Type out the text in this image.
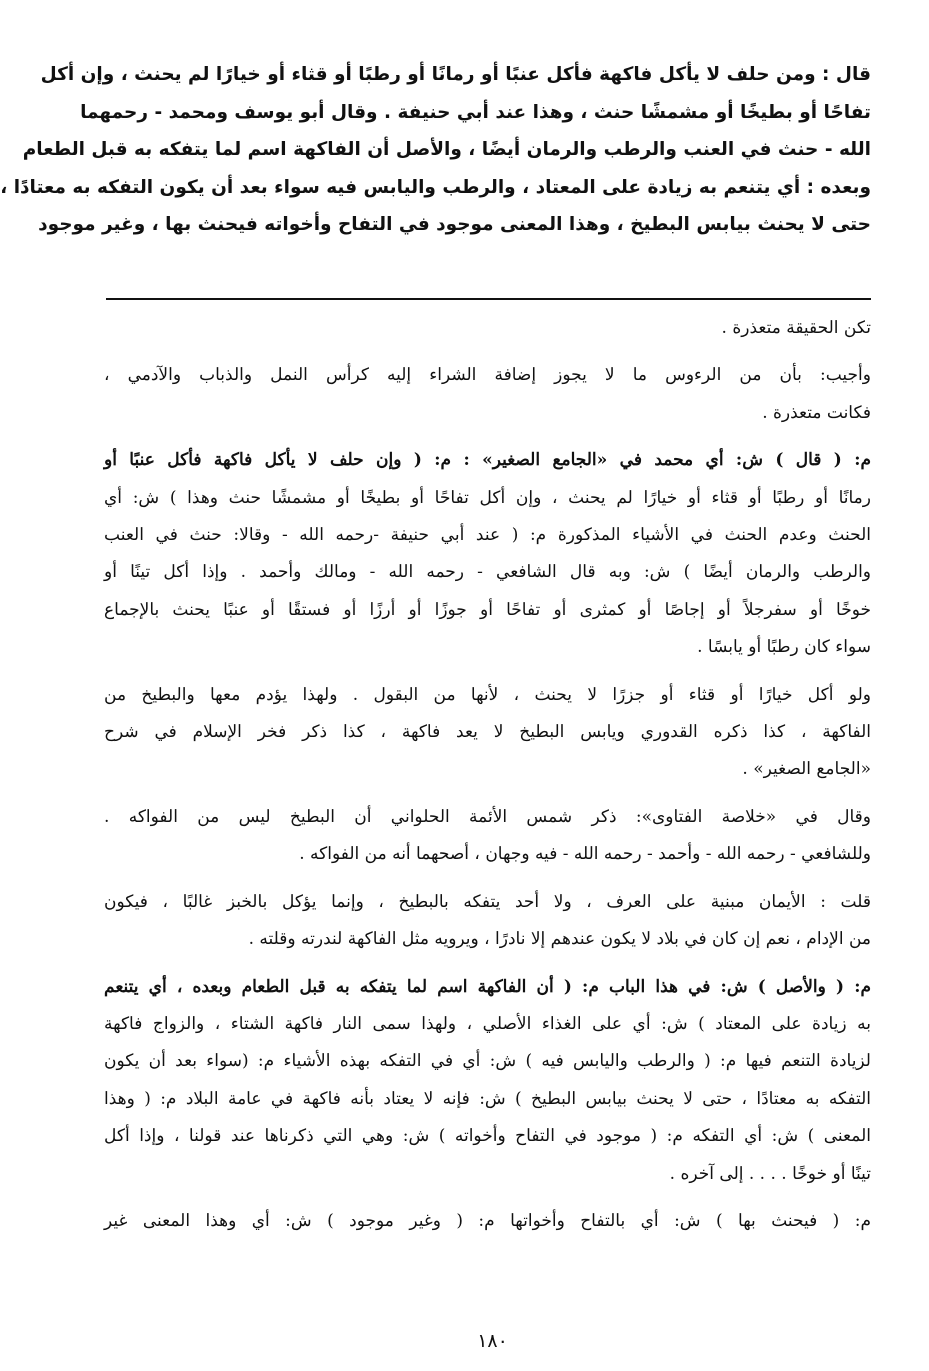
قال : ومن حلف لا يأكل فاكهة فأكل عنبًا أو رمانًا أو رطبًا أو قثاء أو خيارًا لم يحنث ، وإن أكل
تفاحًا أو بطيخًا أو مشمشًا حنث ، وهذا عند أبي حنيفة . وقال أبو يوسف ومحمد - رحمهما
الله - حنث في العنب والرطب والرمان أيضًا ، والأصل أن الفاكهة اسم لما يتفكه به قبل الطعام
وبعده : أي يتنعم به زيادة على المعتاد ، والرطب واليابس فيه سواء بعد أن يكون التفكه به معتادًا ،
حتى لا يحنث بيابس البطيخ ، وهذا المعنى موجود في التفاح وأخواته فيحنث بها ، وغير موجود

تكن الحقيقة متعذرة .

وأجيب: بأن من الرءوس ما لا يجوز إضافة الشراء إليه كرأس النمل والذباب والآدمي ،
فكانت متعذرة .

م: ( قال ) ش: أي محمد في «الجامع الصغير» : م: ( وإن حلف لا يأكل فاكهة فأكل عنبًا أو
رمانًا أو رطبًا أو قثاء أو خيارًا لم يحنث ، وإن أكل تفاحًا أو بطيخًا أو مشمشًا حنث وهذا ) ش: أي
الحنث وعدم الحنث في الأشياء المذكورة م: ( عند أبي حنيفة -رحمه الله - وقالا: حنث في العنب
والرطب والرمان أيضًا ) ش: وبه قال الشافعي - رحمه الله - ومالك وأحمد . وإذا أكل تينًا أو
خوخًا أو سفرجلاً أو إجاصًا أو كمثرى أو تفاحًا أو جوزًا أو أرزًا أو فستقًا أو عنبًا يحنث بالإجماع
سواء كان رطبًا أو يابسًا .

ولو أكل خيارًا أو قثاء أو جزرًا لا يحنث ، لأنها من البقول . ولهذا يؤدم معها والبطيخ من
الفاكهة ، كذا ذكره القدوري ويابس البطيخ لا يعد فاكهة ، كذا ذكر فخر الإسلام في شرح
«الجامع الصغير» .

وقال في «خلاصة الفتاوى»: ذكر شمس الأئمة الحلواني أن البطيخ ليس من الفواكه .
وللشافعي - رحمه الله - وأحمد - رحمه الله - فيه وجهان ، أصحهما أنه من الفواكه .

قلت : الأيمان مبنية على العرف ، ولا أحد يتفكه بالبطيخ ، وإنما يؤكل بالخبز غالبًا ، فيكون
من الإدام ، نعم إن كان في بلاد لا يكون عندهم إلا نادرًا ، ويرويه مثل الفاكهة لندرته وقلته .

م: ( والأصل ) ش: في هذا الباب م: ( أن الفاكهة اسم لما يتفكه به قبل الطعام وبعده ، أي يتنعم
به زيادة على المعتاد ) ش: أي على الغذاء الأصلي ، ولهذا سمى النار فاكهة الشتاء ، والزواج فاكهة
لزيادة التنعم فيها م: ( والرطب واليابس فيه ) ش: أي في التفكه بهذه الأشياء م: (سواء بعد أن يكون
التفكه به معتادًا ، حتى لا يحنث بيابس البطيخ ) ش: فإنه لا يعتاد بأنه فاكهة في عامة البلاد م: ( وهذا
المعنى ) ش: أي التفكه م: ( موجود في التفاح وأخواته ) ش: وهي التي ذكرناها عند قولنا ، وإذا أكل
تينًا أو خوخًا . . . . إلى آخره .

م: ( فيحنث بها ) ش: أي بالتفاح وأخواتها م: ( وغير موجود ) ش: أي وهذا المعنى غير

١٨٠
